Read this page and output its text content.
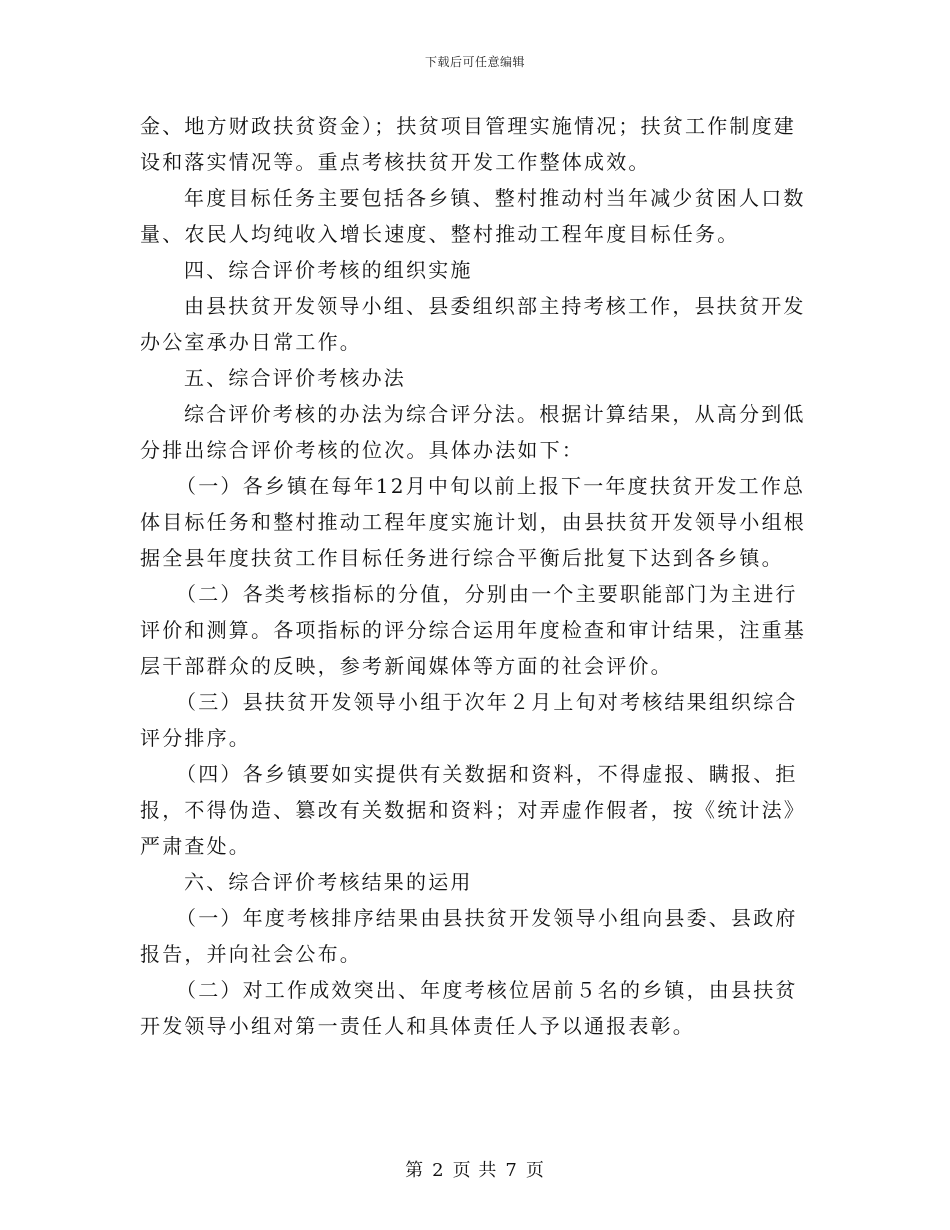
下载后可任意编辑
金、地方财政扶贫资金）；扶贫项目管理实施情况；扶贫工作制度建
设和落实情况等。重点考核扶贫开发工作整体成效。
年度目标任务主要包括各乡镇、整村推动村当年减少贫困人口数
量、农民人均纯收入增长速度、整村推动工程年度目标任务。
四、综合评价考核的组织实施
由县扶贫开发领导小组、县委组织部主持考核工作，县扶贫开发
办公室承办日常工作。
五、综合评价考核办法
综合评价考核的办法为综合评分法。根据计算结果，从高分到低
分排出综合评价考核的位次。具体办法如下：
（一）各乡镇在每年12月中旬以前上报下一年度扶贫开发工作总
体目标任务和整村推动工程年度实施计划，由县扶贫开发领导小组根
据全县年度扶贫工作目标任务进行综合平衡后批复下达到各乡镇。
（二）各类考核指标的分值，分别由一个主要职能部门为主进行
评价和测算。各项指标的评分综合运用年度检查和审计结果，注重基
层干部群众的反映，参考新闻媒体等方面的社会评价。
（三）县扶贫开发领导小组于次年２月上旬对考核结果组织综合
评分排序。
（四）各乡镇要如实提供有关数据和资料，不得虚报、瞒报、拒
报，不得伪造、篡改有关数据和资料；对弄虚作假者，按《统计法》
严肃查处。
六、综合评价考核结果的运用
（一）年度考核排序结果由县扶贫开发领导小组向县委、县政府
报告，并向社会公布。
（二）对工作成效突出、年度考核位居前５名的乡镇，由县扶贫
开发领导小组对第一责任人和具体责任人予以通报表彰。
第 2 页 共 7 页
